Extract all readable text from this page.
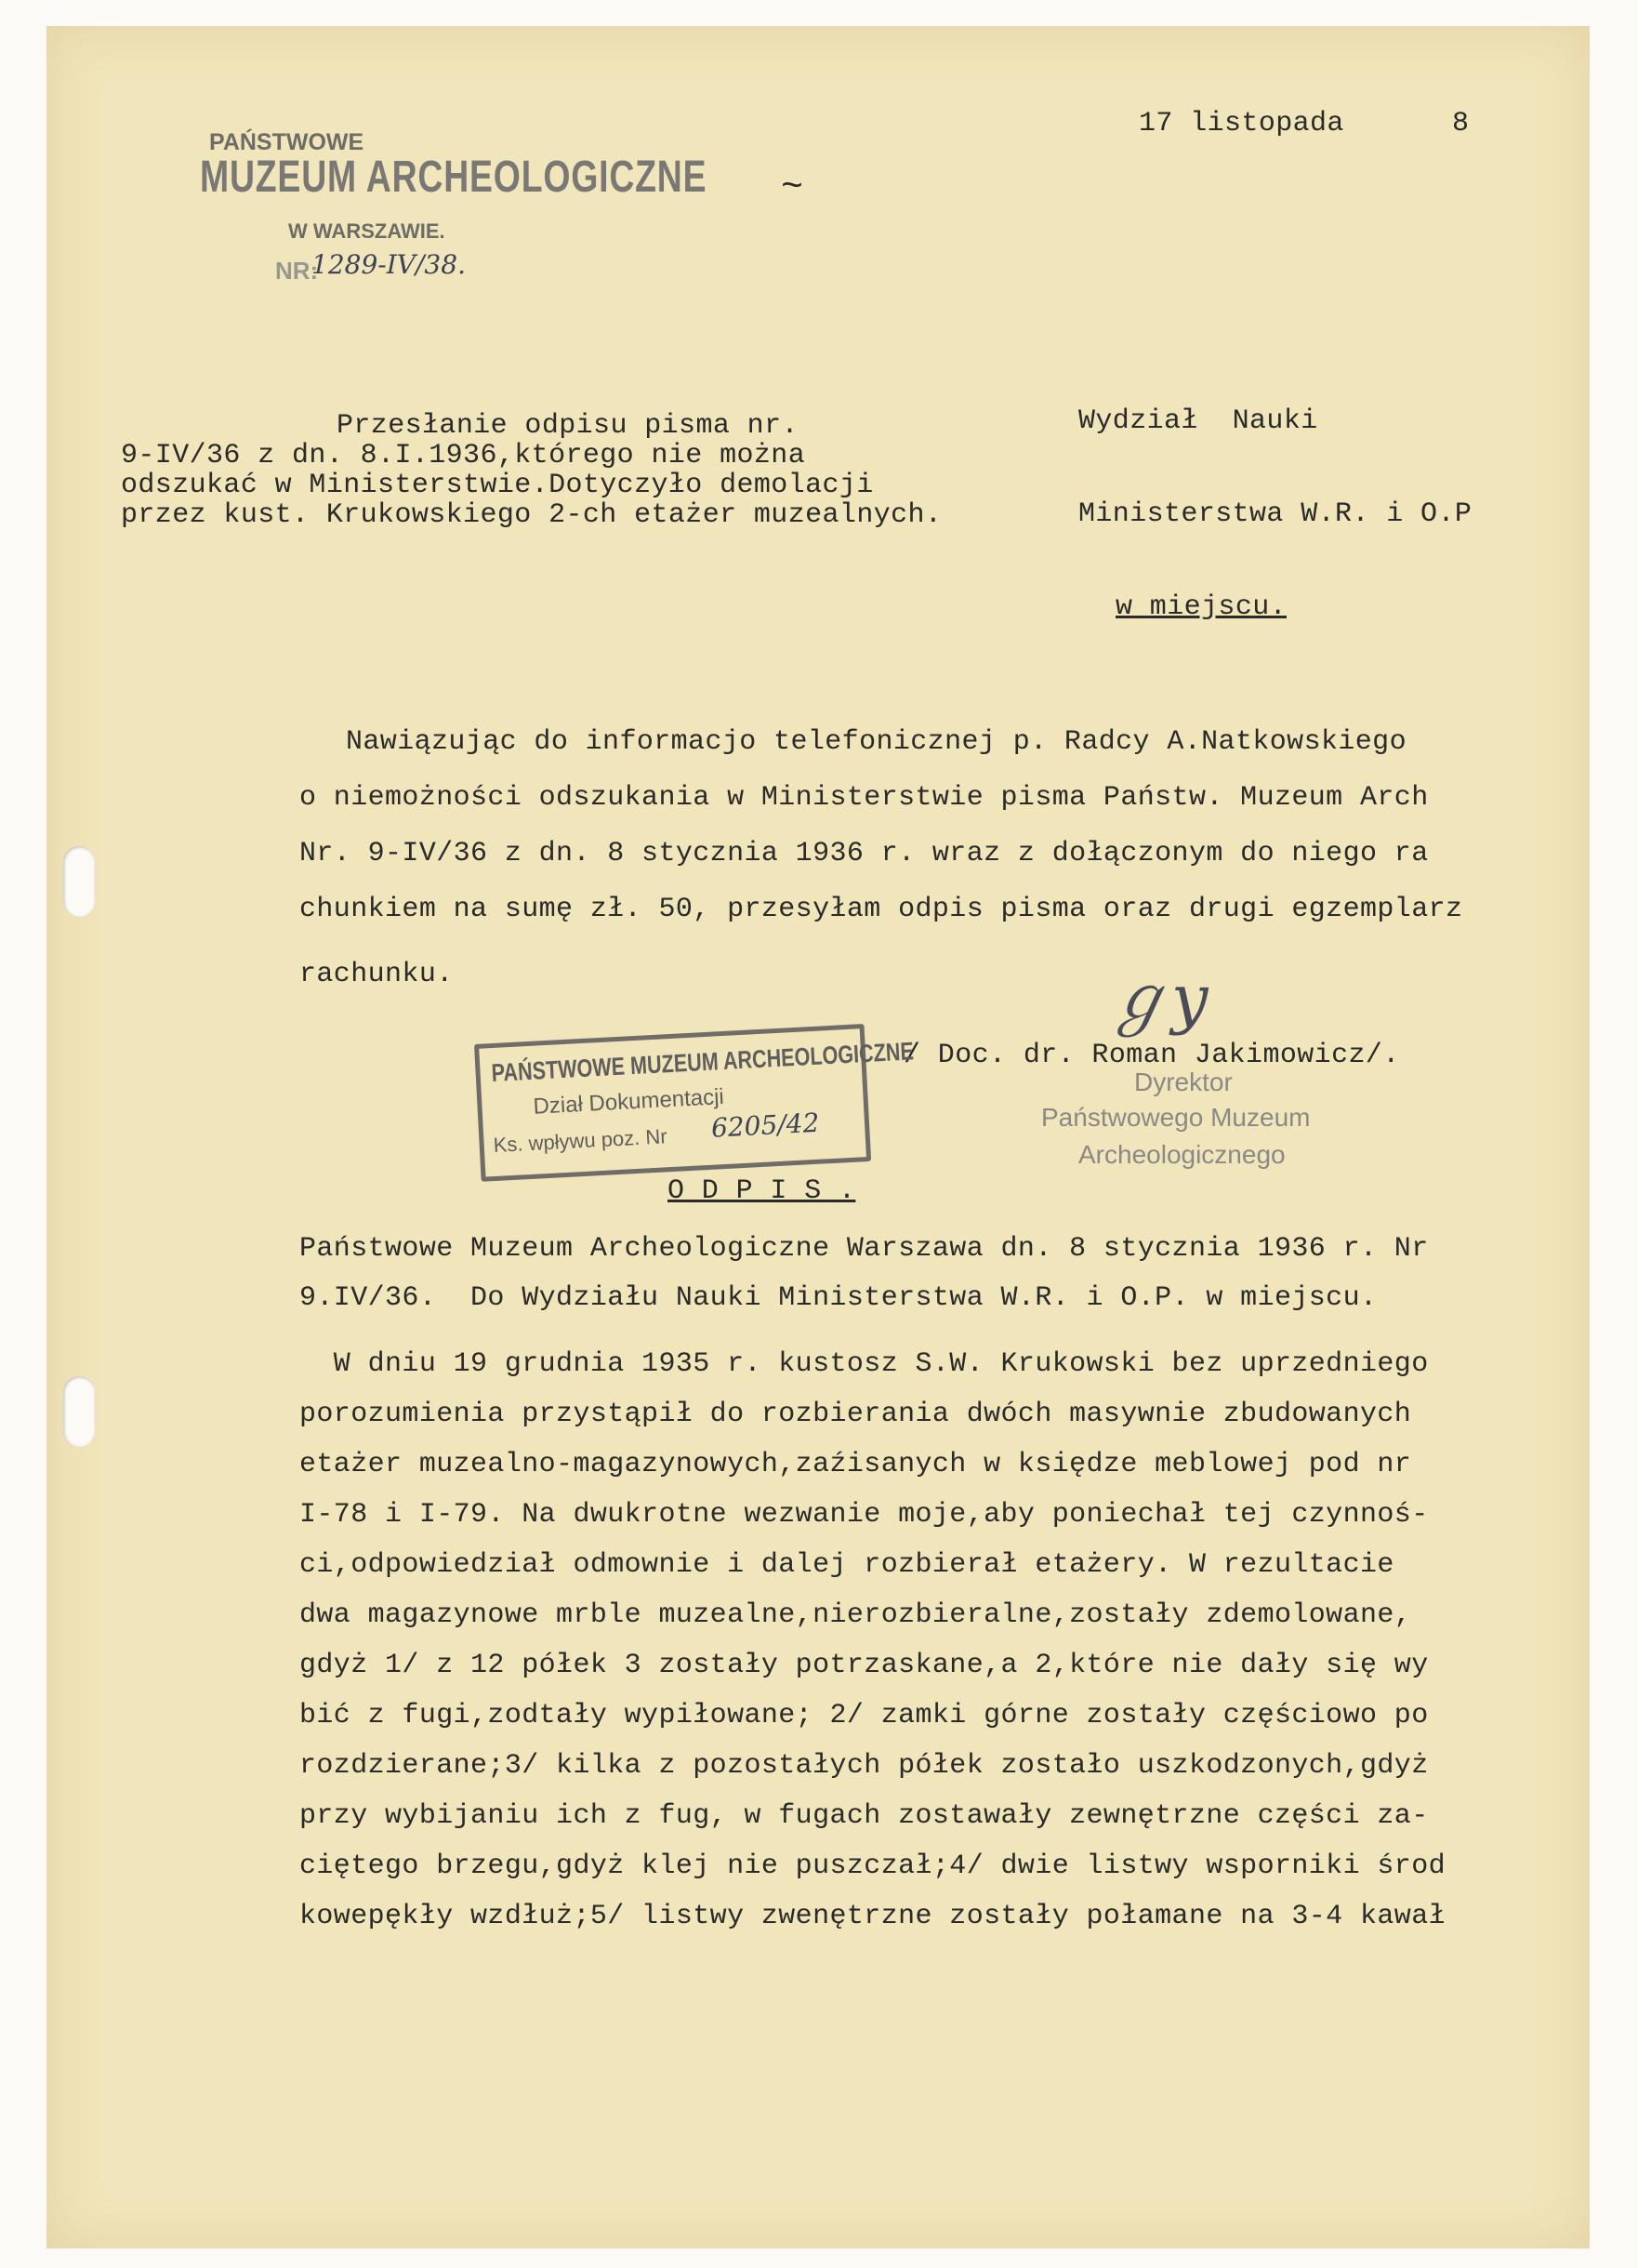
PAŃSTWOWE
MUZEUM ARCHEOLOGICZNE
W WARSZAWIE.
NR:
1289-IV/38.
17 listopada	8
~
Przesłanie odpisu pisma nr.
9-IV/36 z dn. 8.I.1936,którego nie można
odszukać w Ministerstwie.Dotyczyło demolacji
przez kust. Krukowskiego 2-ch etażer muzealnych.
Wydział  Nauki
Ministerstwa W.R. i O.P
w miejscu.
Nawiązując do informacjo telefonicznej p. Radcy A.Natkowskiego
o niemożności odszukania w Ministerstwie pisma Państw. Muzeum Arch
Nr. 9-IV/36 z dn. 8 stycznia 1936 r. wraz z dołączonym do niego ra
chunkiem na sumę zł. 50, przesyłam odpis pisma oraz drugi egzemplarz
rachunku.	ℊy
/ Doc. dr. Roman Jakimowicz/.
Dyrektor
Państwowego Muzeum
Archeologicznego
PAŃSTWOWE MUZEUM ARCHEOLOGICZNE
Dział Dokumentacji
Ks. wpływu poz. Nr 6205/42
O D P I S .
Państwowe Muzeum Archeologiczne Warszawa dn. 8 stycznia 1936 r. Nr
9.IV/36.  Do Wydziału Nauki Ministerstwa W.R. i O.P. w miejscu.
W dniu 19 grudnia 1935 r. kustosz S.W. Krukowski bez uprzedniego
porozumienia przystąpił do rozbierania dwóch masywnie zbudowanych
etażer muzealno-magazynowych,zaźisanych w księdze meblowej pod nr
I-78 i I-79. Na dwukrotne wezwanie moje,aby poniechał tej czynnoś-
ci,odpowiedział odmownie i dalej rozbierał etażery. W rezultacie
dwa magazynowe mrble muzealne,nierozbieralne,zostały zdemolowane,
gdyż 1/ z 12 półek 3 zostały potrzaskane,a 2,które nie dały się wy
bić z fugi,zodtały wypiłowane; 2/ zamki górne zostały częściowo po
rozdzierane;3/ kilka z pozostałych półek zostało uszkodzonych,gdyż
przy wybijaniu ich z fug, w fugach zostawały zewnętrzne części za-
ciętego brzegu,gdyż klej nie puszczał;4/ dwie listwy wsporniki środ
kowepękły wzdłuż;5/ listwy zwenętrzne zostały połamane na 3-4 kawał
